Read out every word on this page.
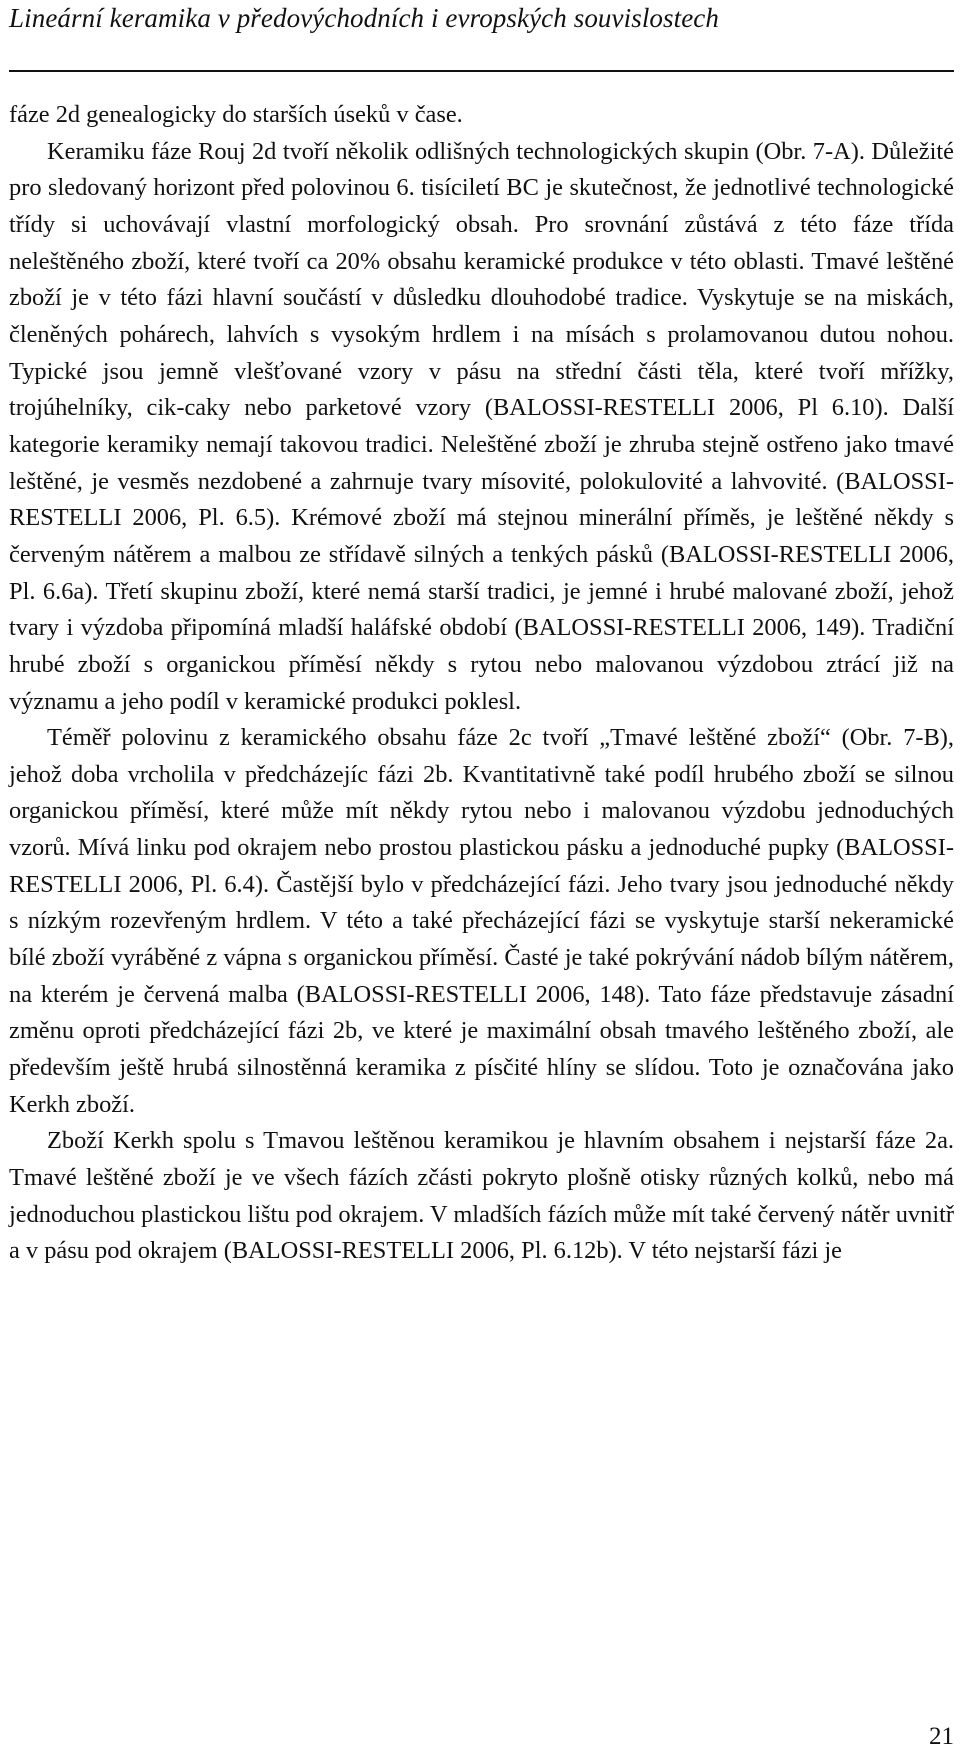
Lineární keramika v předovýchodních i evropských souvislostech

fáze 2d genealogicky do starších úseků v čase.

Keramiku fáze Rouj 2d tvoří několik odlišných technologických skupin (Obr. 7-A). Důležité pro sledovaný horizont před polovinou 6. tisíciletí BC je skutečnost, že jednotlivé technologické třídy si uchovávají vlastní morfologický obsah. Pro srovnání zůstává z této fáze třída neleštěného zboží, které tvoří ca 20% obsahu keramické produkce v této oblasti. Tmavé leštěné zboží je v této fázi hlavní součástí v důsledku dlouhodobé tradice. Vyskytuje se na miskách, členěných pohárech, lahvích s vysokým hrdlem i na mísách s prolamovanou dutou nohou. Typické jsou jemně vlešťované vzory v pásu na střední části těla, které tvoří mřížky, trojúhelníky, cik-caky nebo parketové vzory (BALOSSI-RESTELLI 2006, Pl 6.10). Další kategorie keramiky nemají takovou tradici. Neleštěné zboží je zhruba stejně ostřeno jako tmavé leštěné, je vesměs nezdobené a zahrnuje tvary mísovité, polokulovité a lahvovité. (BALOSSI-RESTELLI 2006, Pl. 6.5). Krémové zboží má stejnou minerální příměs, je leštěné někdy s červeným nátěrem a malbou ze střídavě silných a tenkých pásků (BALOSSI-RESTELLI 2006, Pl. 6.6a). Třetí skupinu zboží, které nemá starší tradici, je jemné i hrubé malované zboží, jehož tvary i výzdoba připomíná mladší haláfské období (BALOSSI-RESTELLI 2006, 149). Tradiční hrubé zboží s organickou příměsí někdy s rytou nebo malovanou výzdobou ztrácí již na významu a jeho podíl v keramické produkci poklesl.

Téměř polovinu z keramického obsahu fáze 2c tvoří „Tmavé leštěné zboží“ (Obr. 7-B), jehož doba vrcholila v předcházejíc fázi 2b. Kvantitativně také podíl hrubého zboží se silnou organickou příměsí, které může mít někdy rytou nebo i malovanou výzdobu jednoduchých vzorů. Mívá linku pod okrajem nebo prostou plastickou pásku a jednoduché pupky (BALOSSI-RESTELLI 2006, Pl. 6.4). Častější bylo v předcházející fázi. Jeho tvary jsou jednoduché někdy s nízkým rozevřeným hrdlem. V této a také přecházející fázi se vyskytuje starší nekeramické bílé zboží vyráběné z vápna s organickou příměsí. Časté je také pokrývání nádob bílým nátěrem, na kterém je červená malba (BALOSSI-RESTELLI 2006, 148). Tato fáze představuje zásadní změnu oproti předcházející fázi 2b, ve které je maximální obsah tmavého leštěného zboží, ale především ještě hrubá silnostěnná keramika z písčité hlíny se slídou. Toto je označována jako Kerkh zboží.

Zboží Kerkh spolu s Tmavou leštěnou keramikou je hlavním obsahem i nejstarší fáze 2a. Tmavé leštěné zboží je ve všech fázích zčásti pokryto plošně otisky různých kolků, nebo má jednoduchou plastickou lištu pod okrajem. V mladších fázích může mít také červený nátěr uvnitř a v pásu pod okrajem (BALOSSI-RESTELLI 2006, Pl. 6.12b). V této nejstarší fázi je

21
